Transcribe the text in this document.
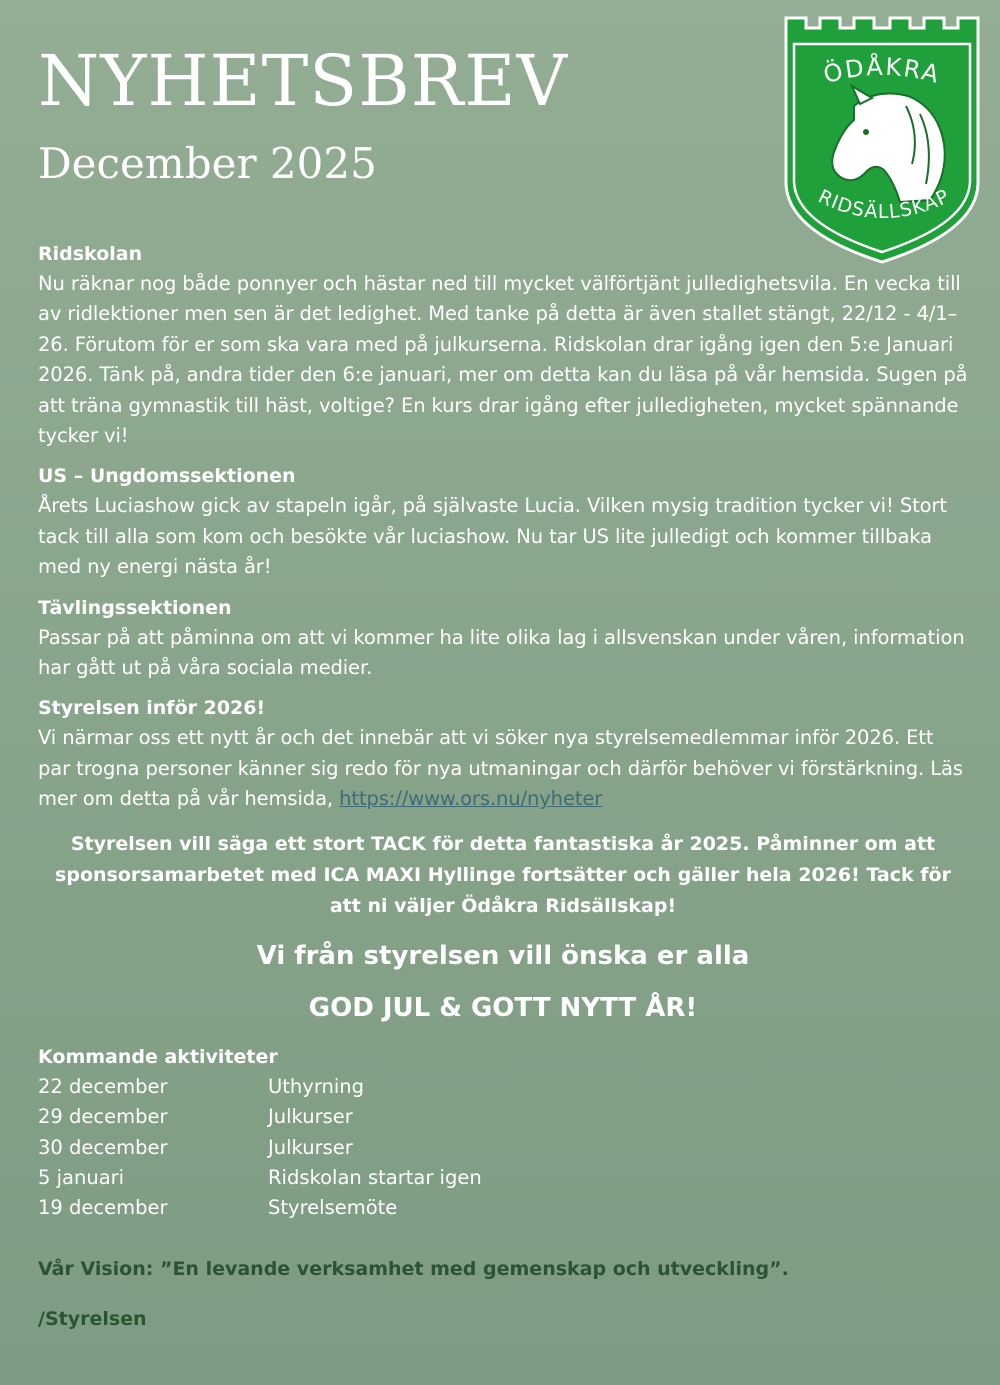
NYHETSBREV
December 2025
ÖDÅKRA
RIDSÄLLSKAP
Ridskolan

Nu räknar nog både ponnyer och hästar ned till mycket välförtjänt julledighetsvila. En vecka till av ridlektioner men sen är det ledighet. Med tanke på detta är även stallet stängt, 22/12 - 4/1–26. Förutom för er som ska vara med på julkurserna. Ridskolan drar igång igen den 5:e Januari 2026. Tänk på, andra tider den 6:e januari, mer om detta kan du läsa på vår hemsida. Sugen på att träna gymnastik till häst, voltige? En kurs drar igång efter julledigheten, mycket spännande tycker vi!

US – Ungdomssektionen

Årets Luciashow gick av stapeln igår, på självaste Lucia. Vilken mysig tradition tycker vi! Stort tack till alla som kom och besökte vår luciashow. Nu tar US lite julledigt och kommer tillbaka med ny energi nästa år!

Tävlingssektionen

Passar på att påminna om att vi kommer ha lite olika lag i allsvenskan under våren, information har gått ut på våra sociala medier.

Styrelsen inför 2026!

Vi närmar oss ett nytt år och det innebär att vi söker nya styrelsemedlemmar inför 2026. Ett par trogna personer känner sig redo för nya utmaningar och därför behöver vi förstärkning. Läs mer om detta på vår hemsida, https://www.ors.nu/nyheter

Styrelsen vill säga ett stort TACK för detta fantastiska år 2025. Påminner om att sponsorsamarbetet med ICA MAXI Hyllinge fortsätter och gäller hela 2026! Tack för att ni väljer Ödåkra Ridsällskap!

Vi från styrelsen vill önska er alla

GOD JUL & GOTT NYTT ÅR!

Kommande aktiviteter
22 december	Uthyrning
29 december	Julkurser
30 december	Julkurser
5 januari	Ridskolan startar igen
19 december	Styrelsemöte

Vår Vision: ”En levande verksamhet med gemenskap och utveckling”.

/Styrelsen
